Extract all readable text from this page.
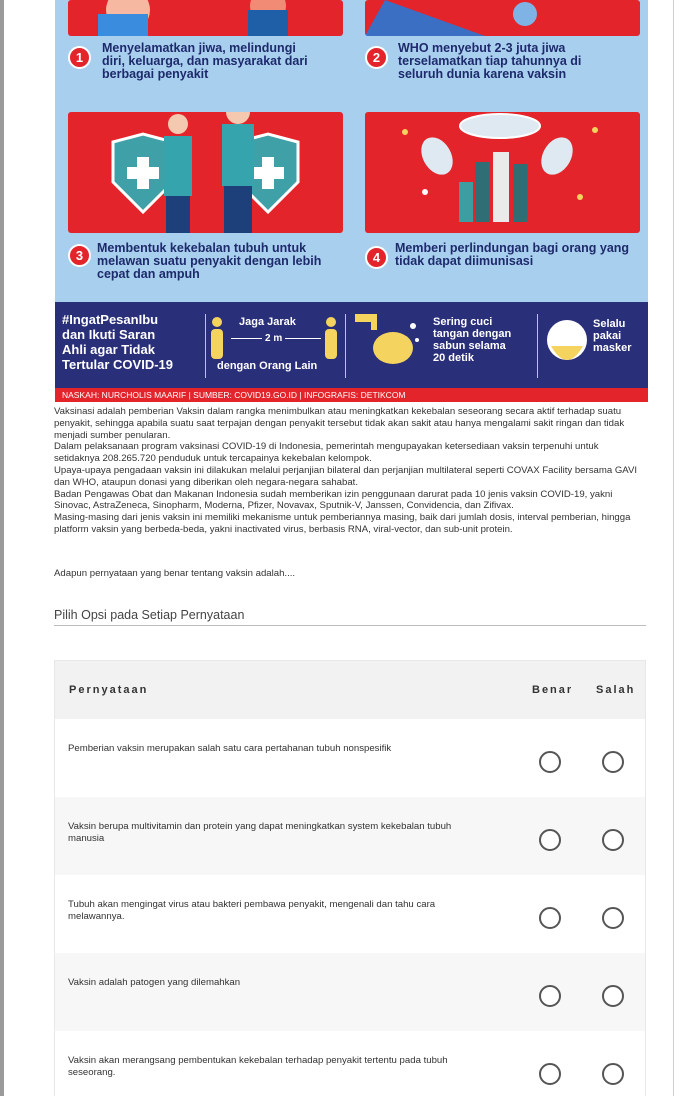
1
Menyelamatkan jiwa, melindungi diri, keluarga, dan masyarakat dari berbagai penyakit
2
WHO menyebut 2-3 juta jiwa terselamatkan tiap tahunnya di seluruh dunia karena vaksin
3	Membentuk kekebalan tubuh untuk melawan suatu penyakit dengan lebih cepat dan ampuh
4
Memberi perlindungan bagi orang yang tidak dapat diimunisasi
#IngatPesanIbu
dan Ikuti Saran
Ahli agar Tidak
Tertular COVID-19
Jaga Jarak
2 m
dengan Orang Lain
Sering cuci
tangan dengan
sabun selama
20 detik
Selalu
pakai
masker
NASKAH: NURCHOLIS MAARIF | SUMBER: COVID19.GO.ID | INFOGRAFIS: DETIKCOM

Vaksinasi adalah pemberian Vaksin dalam rangka menimbulkan atau meningkatkan kekebalan seseorang secara aktif terhadap suatu penyakit, sehingga apabila suatu saat terpajan dengan penyakit tersebut tidak akan sakit atau hanya mengalami sakit ringan dan tidak menjadi sumber penularan.

Dalam pelaksanaan program vaksinasi COVID-19 di Indonesia, pemerintah mengupayakan ketersediaan vaksin terpenuhi untuk setidaknya 208.265.720 penduduk untuk tercapainya kekebalan kelompok.

Upaya-upaya pengadaan vaksin ini dilakukan melalui perjanjian bilateral dan perjanjian multilateral seperti COVAX Facility bersama GAVI dan WHO, ataupun donasi yang diberikan oleh negara-negara sahabat.

Badan Pengawas Obat dan Makanan Indonesia sudah memberikan izin penggunaan darurat pada 10 jenis vaksin COVID-19, yakni Sinovac, AstraZeneca, Sinopharm, Moderna, Pfizer, Novavax, Sputnik-V, Janssen, Convidencia, dan Zifivax.

Masing-masing dari jenis vaksin ini memiliki mekanisme untuk pemberiannya masing, baik dari jumlah dosis, interval pemberian, hingga platform vaksin yang berbeda-beda, yakni inactivated virus, berbasis RNA, viral-vector, dan sub-unit protein.

Adapun pernyataan yang benar tentang vaksin adalah....
Pilih Opsi pada Setiap Pernyataan
Pernyataan	Benar Salah
Pemberian vaksin merupakan salah satu cara pertahanan tubuh nonspesifik
Vaksin berupa multivitamin dan protein yang dapat meningkatkan system kekebalan tubuh manusia
Tubuh akan mengingat virus atau bakteri pembawa penyakit, mengenali dan tahu cara melawannya.
Vaksin adalah patogen yang dilemahkan
Vaksin akan merangsang pembentukan kekebalan terhadap penyakit tertentu pada tubuh seseorang.
